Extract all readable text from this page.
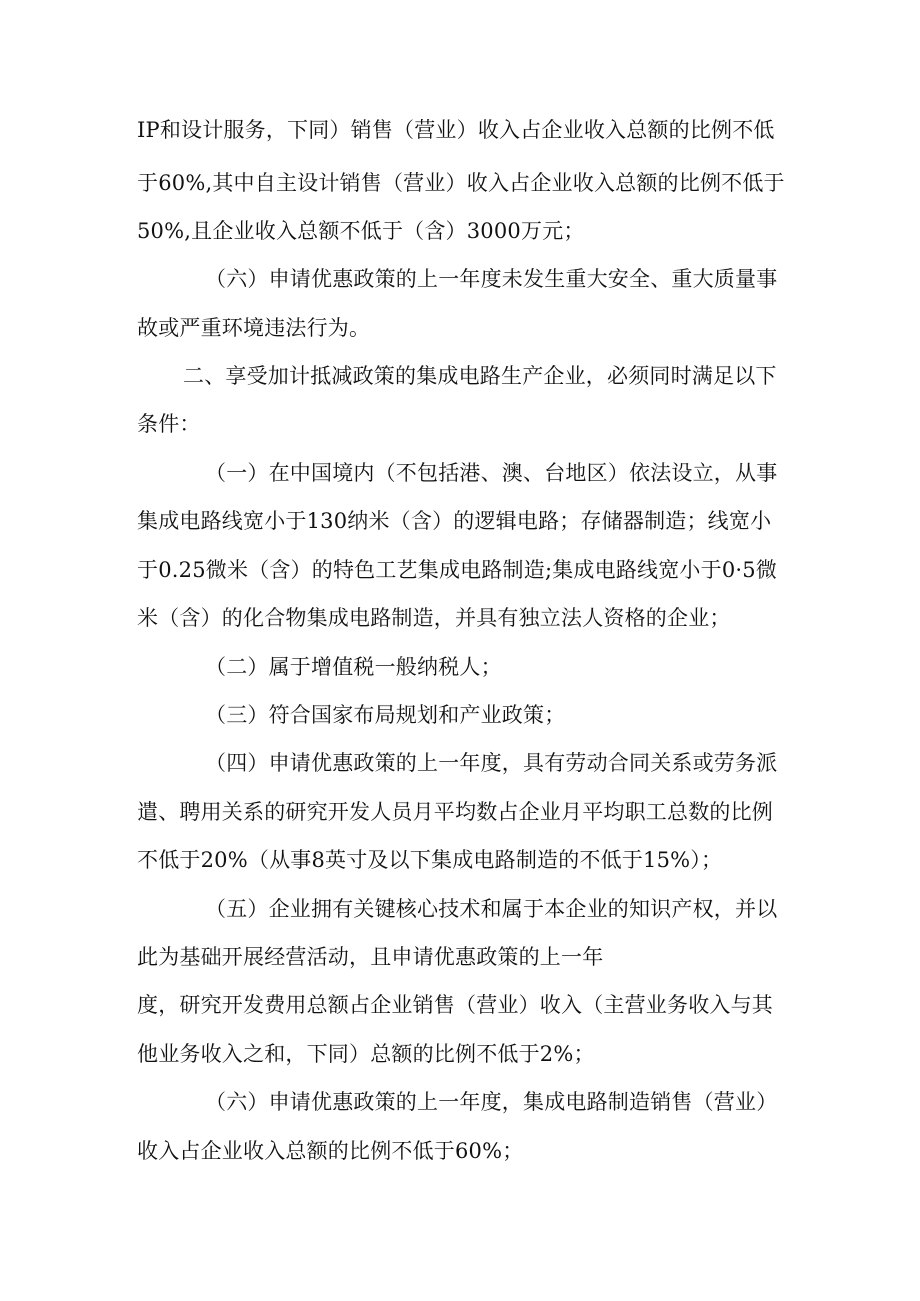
IP和设计服务，下同）销售（营业）收入占企业收入总额的比例不低
于60%,其中自主设计销售（营业）收入占企业收入总额的比例不低于
50%,且企业收入总额不低于（含）3000万元；
（六）申请优惠政策的上一年度未发生重大安全、重大质量事
故或严重环境违法行为。
二、享受加计抵减政策的集成电路生产企业，必须同时满足以下
条件：
（一）在中国境内（不包括港、澳、台地区）依法设立，从事
集成电路线宽小于130纳米（含）的逻辑电路；存储器制造；线宽小
于0.25微米（含）的特色工艺集成电路制造;集成电路线宽小于0·5微
米（含）的化合物集成电路制造，并具有独立法人资格的企业；
（二）属于增值税一般纳税人；
（三）符合国家布局规划和产业政策；
（四）申请优惠政策的上一年度，具有劳动合同关系或劳务派
遣、聘用关系的研究开发人员月平均数占企业月平均职工总数的比例
不低于20%（从事8英寸及以下集成电路制造的不低于15%）；
（五）企业拥有关键核心技术和属于本企业的知识产权，并以
此为基础开展经营活动，且申请优惠政策的上一年
度，研究开发费用总额占企业销售（营业）收入（主营业务收入与其
他业务收入之和，下同）总额的比例不低于2%；
（六）申请优惠政策的上一年度，集成电路制造销售（营业）
收入占企业收入总额的比例不低于60%；
